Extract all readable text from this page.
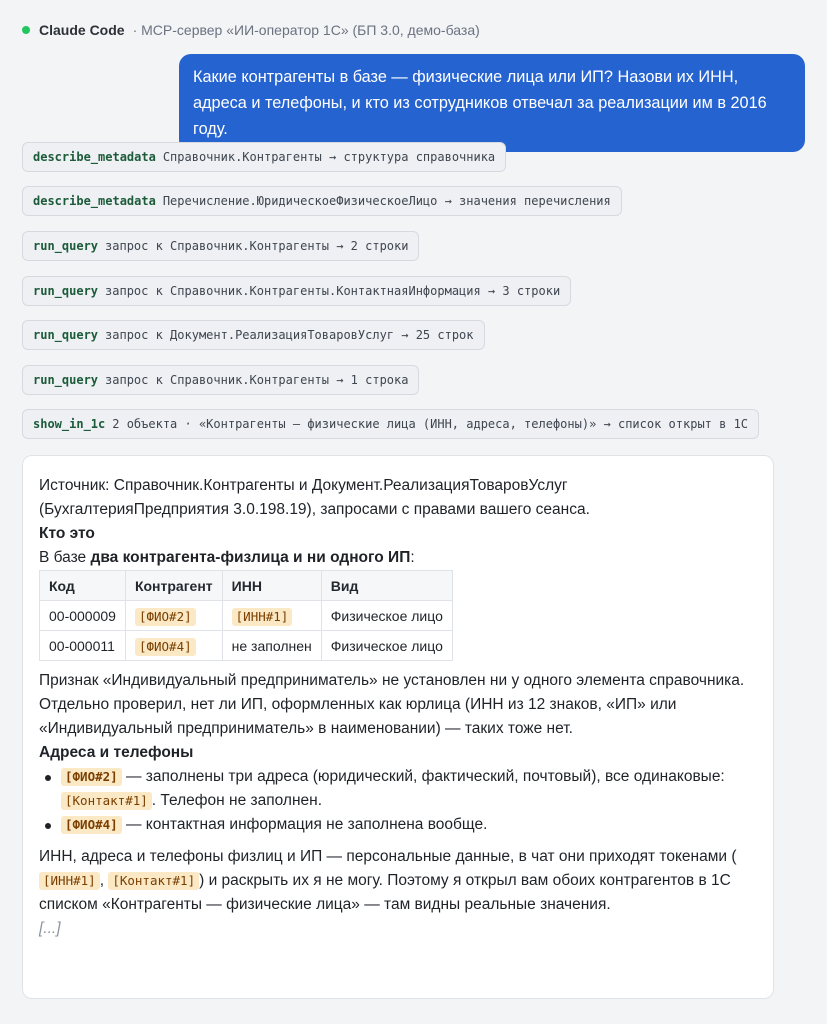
Claude Code · MCP-сервер «ИИ-оператор 1С» (БП 3.0, демо-база)
Какие контрагенты в базе — физические лица или ИП? Назови их ИНН, адреса и телефоны, и кто из сотрудников отвечал за реализации им в 2016 году.
describe_metadata Справочник.Контрагенты → структура справочника
describe_metadata Перечисление.ЮридическоеФизическоеЛицо → значения перечисления
run_query запрос к Справочник.Контрагенты → 2 строки
run_query запрос к Справочник.Контрагенты.КонтактнаяИнформация → 3 строки
run_query запрос к Документ.РеализацияТоваровУслуг → 25 строк
run_query запрос к Справочник.Контрагенты → 1 строка
show_in_1c 2 объекта · «Контрагенты — физические лица (ИНН, адреса, телефоны)» → список открыт в 1С

Источник: Справочник.Контрагенты и Документ.РеализацияТоваровУслуг (БухгалтерияПредприятия 3.0.198.19), запросами с правами вашего сеанса.

Кто это

В базе два контрагента-физлица и ни одного ИП:

Код	Контрагент	ИНН	Вид
00-000009	[ФИО#2]	[ИНН#1]	Физическое лицо
00-000011	[ФИО#4]	не заполнен	Физическое лицо

Признак «Индивидуальный предприниматель» не установлен ни у одного элемента справочника. Отдельно проверил, нет ли ИП, оформленных как юрлица (ИНН из 12 знаков, «ИП» или «Индивидуальный предприниматель» в наименовании) — таких тоже нет.

Адреса и телефоны

[ФИО#2] — заполнены три адреса (юридический, фактический, почтовый), все одинаковые: [Контакт#1] . Телефон не заполнен.
[ФИО#4] — контактная информация не заполнена вообще.

ИНН, адреса и телефоны физлиц и ИП — персональные данные, в чат они приходят токенами ([ИНН#1] , [Контакт#1] ) и раскрыть их я не могу. Поэтому я открыл вам обоих контрагентов в 1С списком «Контрагенты — физические лица» — там видны реальные значения.

[...]
